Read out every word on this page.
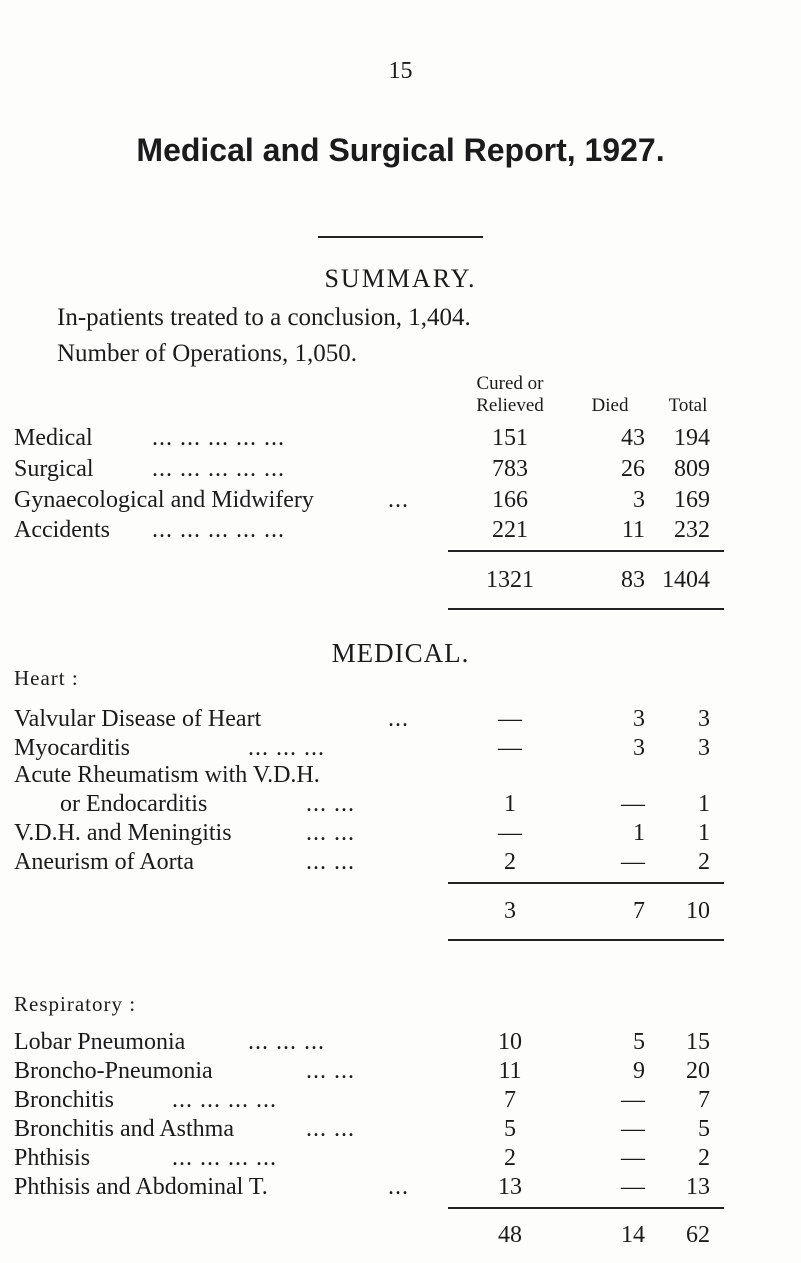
15
Medical and Surgical Report, 1927.
SUMMARY.
In-patients treated to a conclusion, 1,404.
Number of Operations, 1,050.
Cured or
Relieved	Died	Total
Medical ... ... ... ... ...	151	43	194
Surgical ... ... ... ... ...	783	26	809
Gynaecological and Midwifery	...	166	3	169
Accidents ... ... ... ... ...	221	11	232
1321	83 1404
MEDICAL.
Heart :
Valvular Disease of Heart	...	—	3	3
Myocarditis	... ... ...	—	3	3
Acute Rheumatism with V.D.H.
or Endocarditis	... ...	1	—	1
V.D.H. and Meningitis	... ...	—	1	1
Aneurism of Aorta	... ...	2	—	2
3	7	10
Respiratory :
Lobar Pneumonia	... ... ...	10	5	15
Broncho-Pneumonia	... ...	11	9	20
Bronchitis ... ... ... ...	7	—	7
Bronchitis and Asthma	... ...	5	—	5
Phthisis	... ... ... ...	2	—	2
Phthisis and Abdominal T.	...	13	—	13
48	14	62
